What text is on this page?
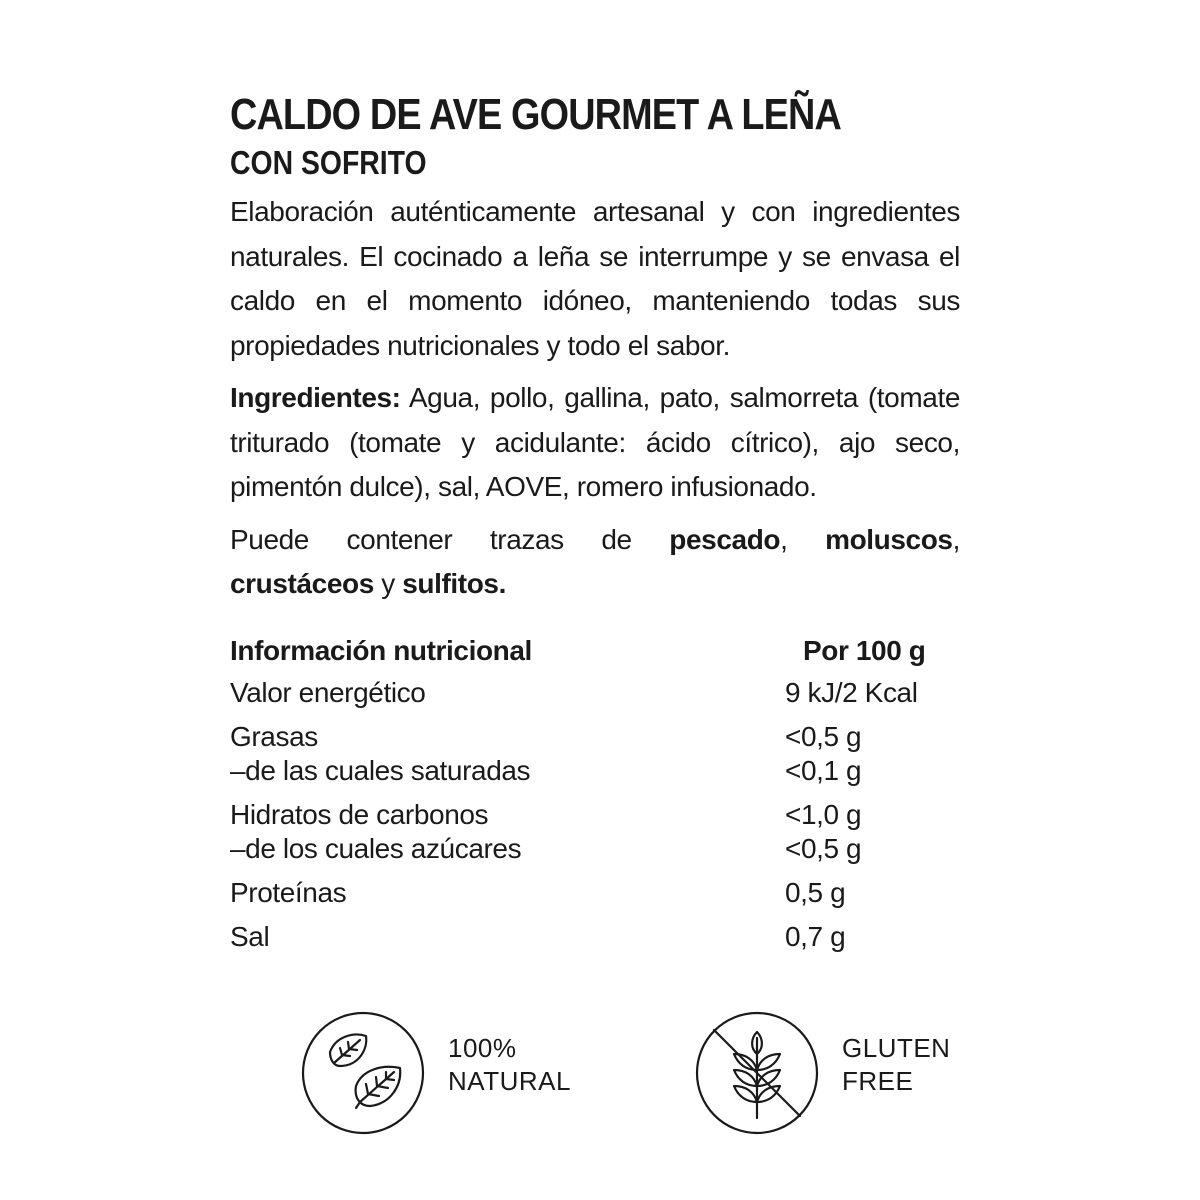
CALDO DE AVE GOURMET A LEÑA
CON SOFRITO

Elaboración auténticamente artesanal y con ingredientes naturales. El cocinado a leña se interrumpe y se envasa el caldo en el momento idóneo, manteniendo todas sus propiedades nutricionales y todo el sabor.

Ingredientes: Agua, pollo, gallina, pato, salmorreta (tomate triturado (tomate y acidulante: ácido cítrico), ajo seco, pimentón dulce), sal, AOVE, romero infusionado.

Puede contener trazas de pescado, moluscos, crustáceos y sulfitos.

Información nutricional	Por 100 g
Valor energético	9 kJ/2 Kcal
Grasas	<0,5 g
–de las cuales saturadas	<0,1 g
Hidratos de carbonos	<1,0 g
–de los cuales azúcares	<0,5 g
Proteínas	0,5 g
Sal	0,7 g
100%
NATURAL
GLUTEN
FREE
